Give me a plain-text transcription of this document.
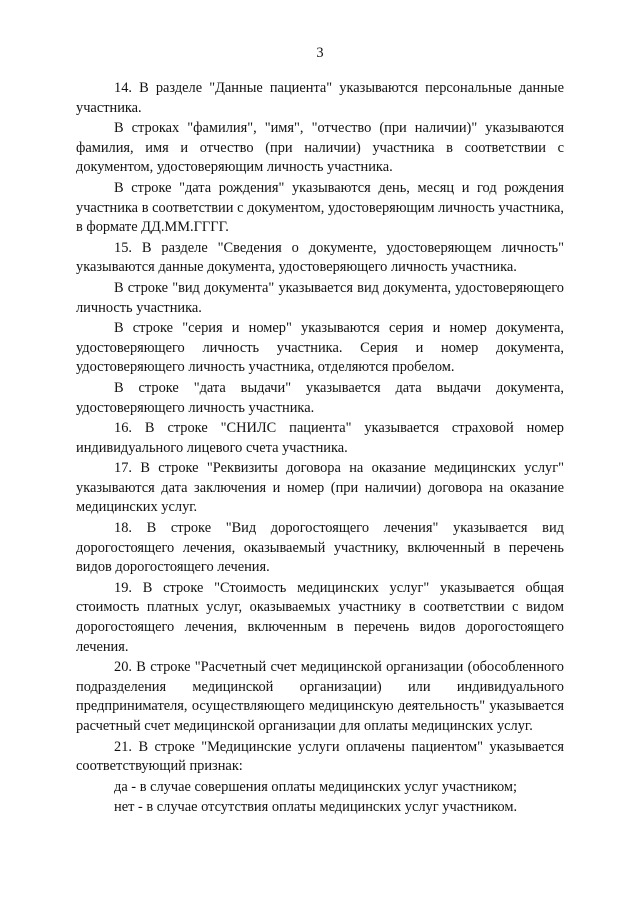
3

14. В разделе "Данные пациента" указываются персональные данные участника.

В строках "фамилия", "имя", "отчество (при наличии)" указываются фамилия, имя и отчество (при наличии) участника в соответствии с документом, удостоверяющим личность участника.

В строке "дата рождения" указываются день, месяц и год рождения участника в соответствии с документом, удостоверяющим личность участника, в формате ДД.ММ.ГГГГ.

15. В разделе "Сведения о документе, удостоверяющем личность" указываются данные документа, удостоверяющего личность участника.

В строке "вид документа" указывается вид документа, удостоверяющего личность участника.

В строке "серия и номер" указываются серия и номер документа, удостоверяющего личность участника. Серия и номер документа, удостоверяющего личность участника, отделяются пробелом.

В строке "дата выдачи" указывается дата выдачи документа, удостоверяющего личность участника.

16. В строке "СНИЛС пациента" указывается страховой номер индивидуального лицевого счета участника.

17. В строке "Реквизиты договора на оказание медицинских услуг" указываются дата заключения и номер (при наличии) договора на оказание медицинских услуг.

18. В строке "Вид дорогостоящего лечения" указывается вид дорогостоящего лечения, оказываемый участнику, включенный в перечень видов дорогостоящего лечения.

19. В строке "Стоимость медицинских услуг" указывается общая стоимость платных услуг, оказываемых участнику в соответствии с видом дорогостоящего лечения, включенным в перечень видов дорогостоящего лечения.

20. В строке "Расчетный счет медицинской организации (обособленного подразделения медицинской организации) или индивидуального предпринимателя, осуществляющего медицинскую деятельность" указывается расчетный счет медицинской организации для оплаты медицинских услуг.

21. В строке "Медицинские услуги оплачены пациентом" указывается соответствующий признак:

да - в случае совершения оплаты медицинских услуг участником;

нет - в случае отсутствия оплаты медицинских услуг участником.
